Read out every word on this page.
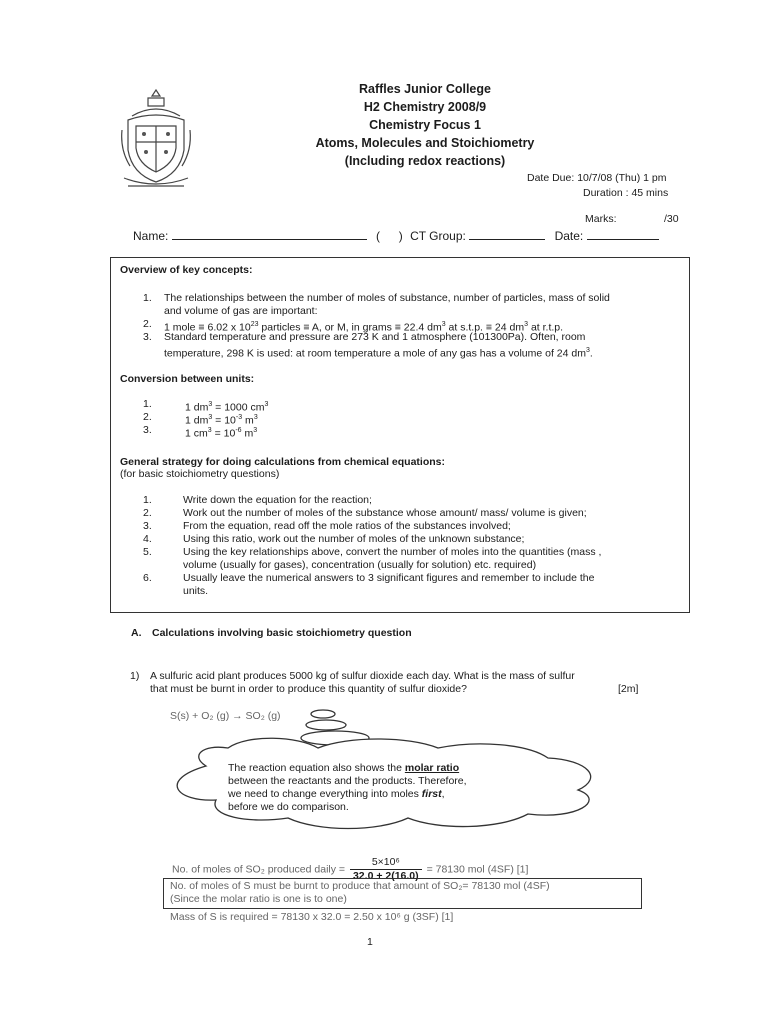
Raffles Junior College
H2 Chemistry 2008/9
Chemistry Focus 1
Atoms, Molecules and Stoichiometry
(Including redox reactions)
Date Due: 10/7/08 (Thu) 1 pm
Duration : 45 mins
Marks:	/30
Name:	( ) CT Group:	Date:
Overview of key concepts:
1. The relationships between the number of moles of substance, number of particles, mass of solid
and volume of gas are important:
2. 1 mole ≡ 6.02 x $10^{23}$ particles ≡ A, or M, in grams ≡ 22.4 $dm^3$ at s.t.p. ≡ 24 $dm^3$ at r.t.p.
3. Standard temperature and pressure are 273 K and 1 atmosphere (101300Pa). Often, room
temperature, 298 K is used: at room temperature a mole of any gas has a volume of 24 $dm^3$.
Conversion between units:
1.	1 $dm^3 = 1000$ $cm^3$
2.	1 $dm^3 = 10^{-3}$ $m^3$
3.	1 $cm^3 = 10^{-6}$ $m^3$
General strategy for doing calculations from chemical equations:
(for basic stoichiometry questions)
1.	Write down the equation for the reaction;
2.	Work out the number of moles of the substance whose amount/ mass/ volume is given;
3.	From the equation, read off the mole ratios of the substances involved;
4.	Using this ratio, work out the number of moles of the unknown substance;
5.	Using the key relationships above, convert the number of moles into the quantities (mass ,
volume (usually for gases), concentration (usually for solution) etc. required)
6.	Usually leave the numerical answers to 3 significant figures and remember to include the
units.
A. Calculations involving basic stoichiometry question
1) A sulfuric acid plant produces 5000 kg of sulfur dioxide each day. What is the mass of sulfur
that must be burnt in order to produce this quantity of sulfur dioxide?	[2m]
S(s) + O₂ (g) → SO₂ (g)
The reaction equation also shows the molar ratio
between the reactants and the products. Therefore,
we need to change everything into moles first,
before we do comparison.
No. of moles of SO₂ produced daily = $\frac{\text{5×10⁶}}{32.0 + 2(16.0)} = 78130$ mol (4SF) [1]
No. of moles of S must be burnt to produce that amount of SO₂= 78130 mol (4SF)
(Since the molar ratio is one is to one)
Mass of S is required = 78130 x 32.0 = 2.50 x 10⁶ g (3SF) [1]
1
